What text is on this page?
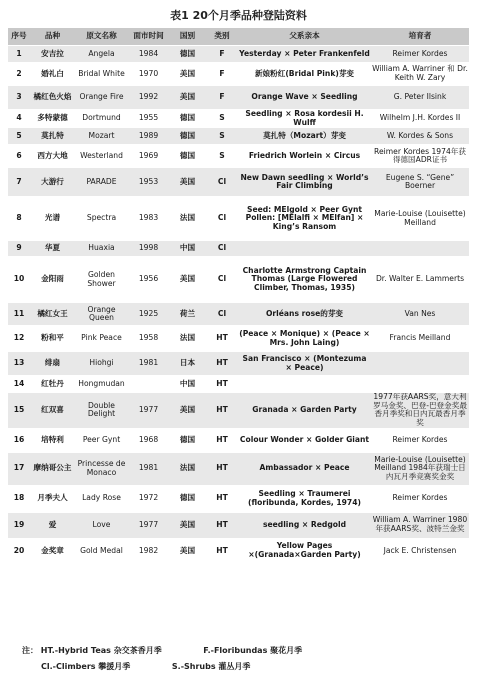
表1 20个月季品种登陆资料
序号	品种	原文名称	面市时间	国别	类别	父系亲本	培育者
1	安吉拉	Angela	1984	德国	F	Yesterday × Peter Frankenfeld	Reimer Kordes
2	婚礼白	Bridal White	1970	美国	F	新娘粉红(Bridal Pink)芽变	William A. Warriner 和 Dr. Keith W. Zary
3	橘红色火焰	Orange Fire	1992	美国	F	Orange Wave × Seedling	G. Peter Ilsink
4	多特蒙德	Dortmund	1955	德国	S	Seedling × Rosa kordesii H. Wulff	Wilhelm J.H. Kordes II
5	莫扎特	Mozart	1989	德国	S	莫扎特（Mozart）芽变	W. Kordes & Sons
6	西方大地	Westerland	1969	德国	S	Friedrich Worlein × Circus	Reimer Kordes 1974年获得德国ADR证书
7	大游行	PARADE	1953	美国	Cl	New Dawn seedling × World’s Fair Climbing	Eugene S. “Gene” Boerner
8	光谱	Spectra	1983	法国	Cl	Seed: MElgold × Peer Gynt Pollen: [MElalfi × MElfan] × King’s Ransom	Marie-Louise (Louisette) Meilland
9	华夏	Huaxia	1998	中国	Cl		
10	金阳雨	Golden Shower	1956	美国	Cl	Charlotte Armstrong Captain Thomas (Large Flowered Climber, Thomas, 1935)	Dr. Walter E. Lammerts
11	橘红女王	Orange Queen	1925	荷兰	Cl	Orléans rose的芽变	Van Nes
12	粉和平	Pink Peace	1958	法国	HT	(Peace × Monique) × (Peace × Mrs. John Laing)	Francis Meilland
13	绯扇	Hiohgi	1981	日本	HT	San Francisco × (Montezuma × Peace)	
14	红牡丹	Hongmudan		中国	HT		
15	红双喜	Double Delight	1977	美国	HT	Granada × Garden Party	1977年获AARS奖，意大利罗马金奖、巴登-巴登金奖最香月季奖和日内瓦最香月季奖
16	培特利	Peer Gynt	1968	德国	HT	Colour Wonder × Golder Giant	Reimer Kordes
17	摩纳哥公主	Princesse de Monaco	1981	法国	HT	Ambassador × Peace	Marie-Louise (Louisette) Meilland 1984年获瑞士日内瓦月季竞赛奖金奖
18	月季夫人	Lady Rose	1972	德国	HT	Seedling × Traumerei (floribunda, Kordes, 1974)	Reimer Kordes
19	爱	Love	1977	美国	HT	seedling × Redgold	William A. Warriner 1980年获AARS奖、波特兰金奖
20	金奖章	Gold Medal	1982	美国	HT	Yellow Pages ×(Granada×Garden Party)	Jack E. Christensen
注： HT.-Hybrid Teas 杂交茶香月季	F.-Floribundas 聚花月季
Cl.-Climbers 攀援月季	S.-Shrubs 灌丛月季
